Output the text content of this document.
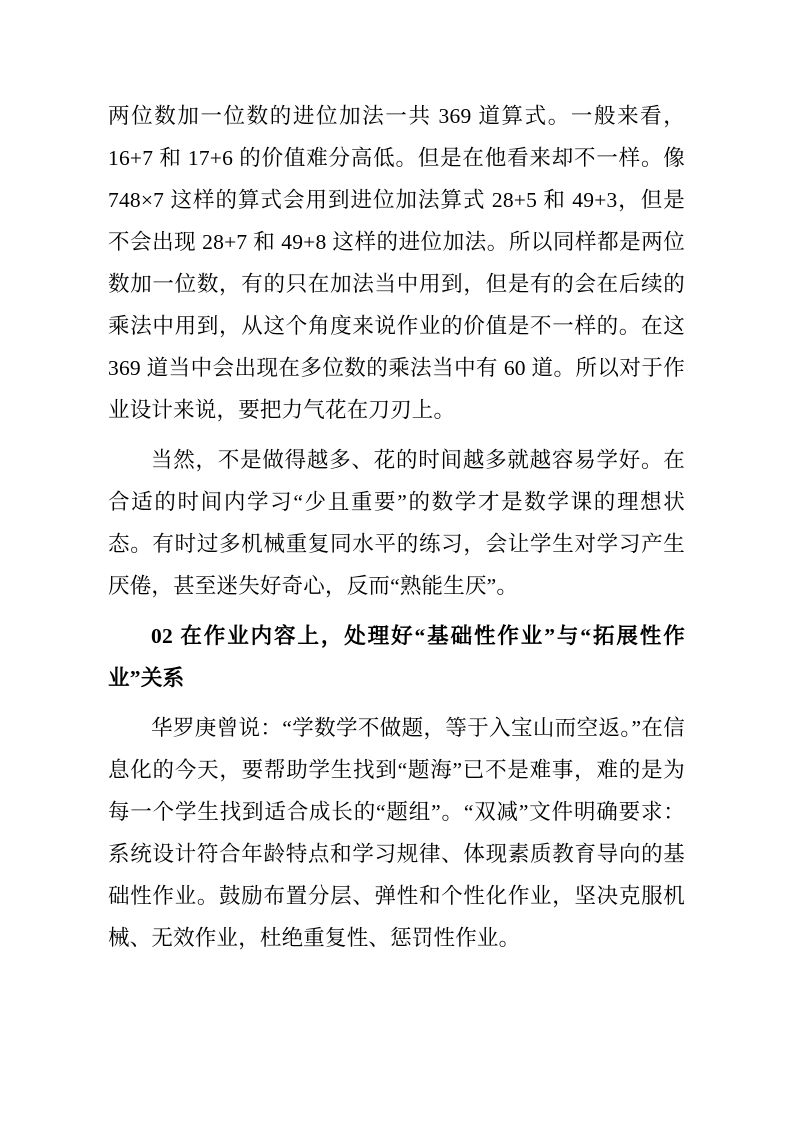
两位数加一位数的进位加法一共 369 道算式。一般来看，16+7 和 17+6 的价值难分高低。但是在他看来却不一样。像 748×7 这样的算式会用到进位加法算式 28+5 和 49+3，但是不会出现 28+7 和 49+8 这样的进位加法。所以同样都是两位数加一位数，有的只在加法当中用到，但是有的会在后续的乘法中用到，从这个角度来说作业的价值是不一样的。在这 369 道当中会出现在多位数的乘法当中有 60 道。所以对于作业设计来说，要把力气花在刀刃上。

当然，不是做得越多、花的时间越多就越容易学好。在合适的时间内学习“少且重要”的数学才是数学课的理想状态。有时过多机械重复同水平的练习，会让学生对学习产生厌倦，甚至迷失好奇心，反而“熟能生厌”。

02 在作业内容上，处理好“基础性作业”与“拓展性作业”关系

华罗庚曾说：“学数学不做题，等于入宝山而空返。”在信息化的今天，要帮助学生找到“题海”已不是难事，难的是为每一个学生找到适合成长的“题组”。“双减”文件明确要求：系统设计符合年龄特点和学习规律、体现素质教育导向的基础性作业。鼓励布置分层、弹性和个性化作业，坚决克服机械、无效作业，杜绝重复性、惩罚性作业。
